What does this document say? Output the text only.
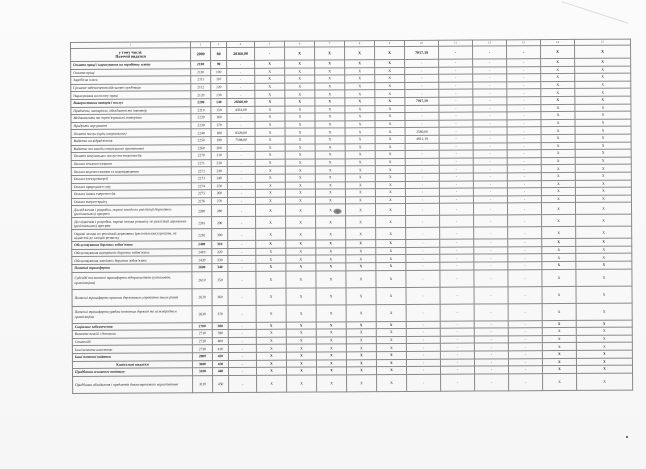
1	2	3	4	5	6	7	8	9	10	11	12	13	14	15
у тому числі:
Поточні видатки	2000	80	28360,00	-	X	X	X	X	7017,19	-	-	-	X	X
Оплата праці і нарахування на заробітну плату	2100	90	-	X	X	X	X	X	-	-	-	-	X	X
Оплата праці	2110	100	-	X	X	X	X	X	-	-	-	-	X	X
Заробітна плата	2111	110	-	X	X	X	X	X	-	-	-	-	X	X
Грошове забезпечення військовослужбовців	2112	120	-	X	X	X	X	X	-	-	-	-	X	X
Нарахування на оплату праці	2120	130	-	X	X	X	X	X	-	-	-	-	X	X
Використання товарів і послуг	2200	140	28360,00	X	X	X	X	X	7017,19	-	-	-	X	X
Предмети, матеріали, обладнання та інвентар	2210	150	4333,00	X	X	X	X	X	-	-	-	-	X	X
Медикаменти та перев’язувальні матеріали	2220	160	-	X	X	X	X	X	-	-	-	-	X	X
Продукти харчування	2230	170	-	X	X	X	X	X	-	-	-	-	X	X
Оплата послуг (крім комунальних)	2240	180	8329,00	X	X	X	X	X	2580,00	-	-	-	X	X
Видатки на відрядження	2250	190	7598,00	X	X	X	X	X	4911,19	-	-	-	X	X
Видатки та заходи спеціального призначення	2260	200	-	X	X	X	X	X	-	-	-	-	X	X
Оплата комунальних послуг та енергоносіїв	2270	210	-	X	X	X	X	X	-	-	-	-	X	X
Оплата теплопостачання	2271	220	-	X	X	X	X	X	-	-	-	-	X	X
Оплата водопостачання та водовідведення	2272	230	-	X	X	X	X	X	-	-	-	-	X	X
Оплата електроенергії	2273	240	-	X	X	X	X	X	-	-	-	-	X	X
Оплата природного газу	2274	250	-	X	X	X	X	X	-	-	-	-	X	X
Оплата інших енергоносіїв	2275	260	-	X	X	X	X	X	-	-	-	-	X	X
Оплата енергосервісу	2276	270	-	X	X	X	X	X	-	-	-	-	X	X
Дослідження і розробки, окремі заходи по реалізації державних (регіональних) програм	2280	280	-	X	X	X	X	X	-	-	-	-	X	X
Дослідження і розробки, окремі заходи розвитку по реалізації державних (регіональних) програм	2281	290	-	X	X	X	X	X	-	-	-	-	X	X
Окремі заходи по реалізації державних (регіональних) програм, не віднесені до заходів розвитку	2282	300	-	X	X	X	X	X	-	-	-	-	X	X
Обслуговування боргових зобов’язань	2400	310	-	X	X	X	X	X	-	-	-	-	X	X
Обслуговування внутрішніх боргових зобов’язань	2410	320	-	X	X	X	X	X	-	-	-	-	X	X
Обслуговування зовнішніх боргових зобов’язань	2420	330	-	X	X	X	X	X	-	-	-	-	X	X
Поточні трансферти	2600	340	-	X	X	X	X	X	-	-	-	-	X	X
Субсидії та поточні трансферти підприємствам (установам, організаціям)	2610	350	-	X	X	X	X	X	-	-	-	-	X	X
Поточні трансферти органам державного управління інших рівнів	2620	360	-	X	X	X	X	X	-	-	-	-	X	X
Поточні трансферти урядам іноземних держав та міжнародним організаціям	2630	370	-	X	X	X	X	X	-	-	-	-	X	X
Соціальне забезпечення	2700	380	-	X	X	X	X	X	-	-	-	-	X	X
Виплата пенсій і допомоги	2710	390	-	X	X	X	X	X	-	-	-	-	X	X
Стипендії	2720	400	-	X	X	X	X	X	-	-	-	-	X	X
Інші виплати населенню	2730	410	-	X	X	X	X	X	-	-	-	-	X	X
Інші поточні видатки	2800	420	-	X	X	X	X	X	-	-	-	-	X	X
Капітальні видатки	3000	430	-	X	X	X	X	X	-	-	-	-	X	X
Придбання основного капіталу	3100	440	-	X	X	X	X	X	-	-	-	-	X	X
Придбання обладнання і предметів довгострокового користування	3110	450	-	X	X	X	X	X	-	-	-	-	X	X
